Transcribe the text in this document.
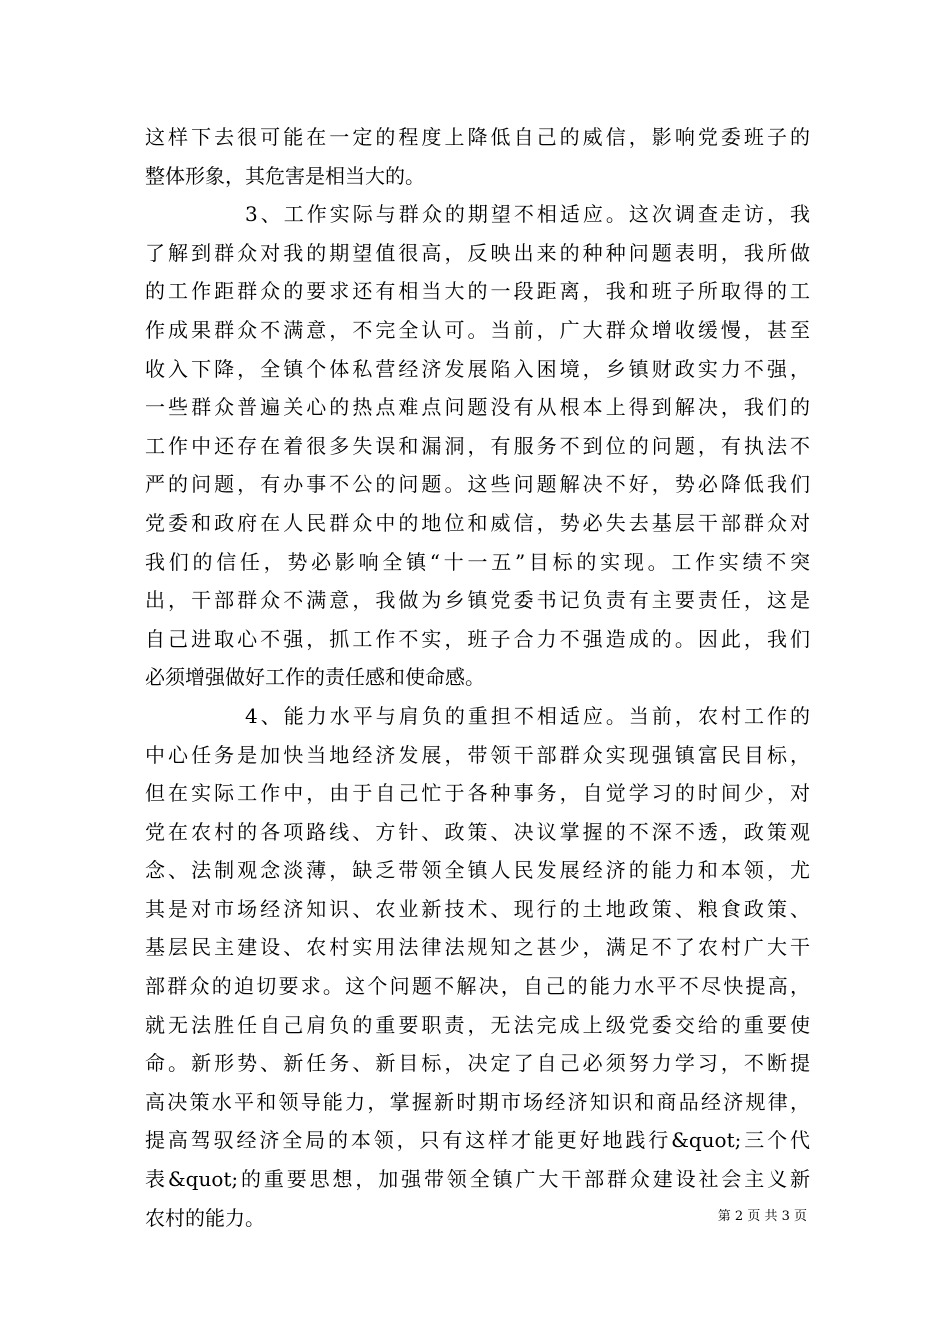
这样下去很可能在一定的程度上降低自己的威信，影响党委班子的
整体形象，其危害是相当大的。
3、工作实际与群众的期望不相适应。这次调查走访，我
了解到群众对我的期望值很高，反映出来的种种问题表明，我所做
的工作距群众的要求还有相当大的一段距离，我和班子所取得的工
作成果群众不满意，不完全认可。当前，广大群众增收缓慢，甚至
收入下降，全镇个体私营经济发展陷入困境，乡镇财政实力不强，
一些群众普遍关心的热点难点问题没有从根本上得到解决，我们的
工作中还存在着很多失误和漏洞，有服务不到位的问题，有执法不
严的问题，有办事不公的问题。这些问题解决不好，势必降低我们
党委和政府在人民群众中的地位和威信，势必失去基层干部群众对
我们的信任，势必影响全镇“十一五”目标的实现。工作实绩不突
出，干部群众不满意，我做为乡镇党委书记负责有主要责任，这是
自己进取心不强，抓工作不实，班子合力不强造成的。因此，我们
必须增强做好工作的责任感和使命感。
4、能力水平与肩负的重担不相适应。当前，农村工作的
中心任务是加快当地经济发展，带领干部群众实现强镇富民目标，
但在实际工作中，由于自己忙于各种事务，自觉学习的时间少，对
党在农村的各项路线、方针、政策、决议掌握的不深不透，政策观
念、法制观念淡薄，缺乏带领全镇人民发展经济的能力和本领，尤
其是对市场经济知识、农业新技术、现行的土地政策、粮食政策、
基层民主建设、农村实用法律法规知之甚少，满足不了农村广大干
部群众的迫切要求。这个问题不解决，自己的能力水平不尽快提高，
就无法胜任自己肩负的重要职责，无法完成上级党委交给的重要使
命。新形势、新任务、新目标，决定了自己必须努力学习，不断提
高决策水平和领导能力，掌握新时期市场经济知识和商品经济规律，
提高驾驭经济全局的本领，只有这样才能更好地践行&quot;三个代
表&quot;的重要思想，加强带领全镇广大干部群众建设社会主义新
农村的能力。	第 2 页 共 3 页
